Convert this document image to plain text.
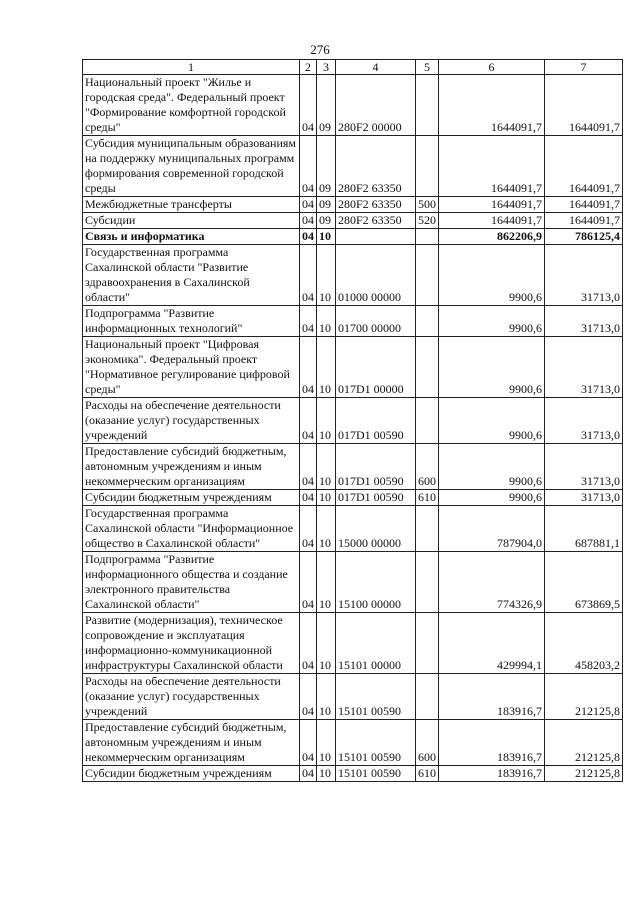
276
1	2	3	4	5	6	7
Национальный проект "Жилье и городская среда". Федеральный проект "Формирование комфортной городской среды"	04	09	280F2 00000		1644091,7	1644091,7
Субсидия муниципальным образованиям на поддержку муниципальных программ формирования современной городской среды	04	09	280F2 63350		1644091,7	1644091,7
Межбюджетные трансферты	04	09	280F2 63350	500	1644091,7	1644091,7
Субсидии	04	09	280F2 63350	520	1644091,7	1644091,7
Связь и информатика	04	10			862206,9	786125,4
Государственная программа Сахалинской области "Развитие здравоохранения в Сахалинской области"	04	10	01000 00000		9900,6	31713,0
Подпрограмма "Развитие информационных технологий"	04	10	01700 00000		9900,6	31713,0
Национальный проект "Цифровая экономика". Федеральный проект "Нормативное регулирование цифровой среды"	04	10	017D1 00000		9900,6	31713,0
Расходы на обеспечение деятельности (оказание услуг) государственных учреждений	04	10	017D1 00590		9900,6	31713,0
Предоставление субсидий бюджетным, автономным учреждениям и иным некоммерческим организациям	04	10	017D1 00590	600	9900,6	31713,0
Субсидии бюджетным учреждениям	04	10	017D1 00590	610	9900,6	31713,0
Государственная программа Сахалинской области "Информационное общество в Сахалинской области"	04	10	15000 00000		787904,0	687881,1
Подпрограмма "Развитие информационного общества и создание электронного правительства Сахалинской области"	04	10	15100 00000		774326,9	673869,5
Развитие (модернизация), техническое сопровождение и эксплуатация информационно-коммуникационной инфраструктуры Сахалинской области	04	10	15101 00000		429994,1	458203,2
Расходы на обеспечение деятельности (оказание услуг) государственных учреждений	04	10	15101 00590		183916,7	212125,8
Предоставление субсидий бюджетным, автономным учреждениям и иным некоммерческим организациям	04	10	15101 00590	600	183916,7	212125,8
Субсидии бюджетным учреждениям	04	10	15101 00590	610	183916,7	212125,8
